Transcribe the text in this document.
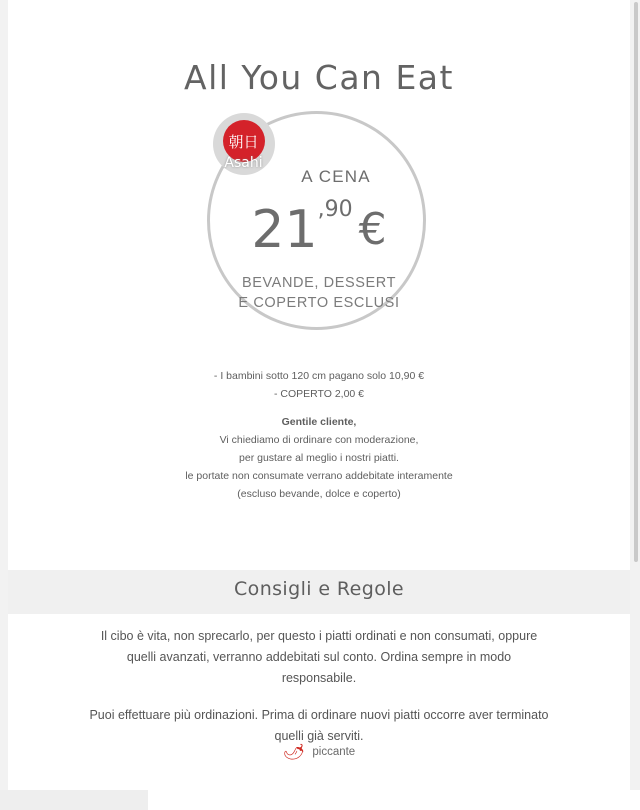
All You Can Eat
朝日
Asahi
A CENA
21,90 €
BEVANDE, DESSERT
E COPERTO ESCLUSI
- I bambini sotto 120 cm pagano solo 10,90 €
- COPERTO 2,00 €
Gentile cliente,
Vi chiediamo di ordinare con moderazione,
per gustare al meglio i nostri piatti.
le portate non consumate verrano addebitate interamente
(escluso bevande, dolce e coperto)
Consigli e Regole

Il cibo è vita, non sprecarlo, per questo i piatti ordinati e non consumati, oppure quelli avanzati, verranno addebitati sul conto. Ordina sempre in modo responsabile.

Puoi effettuare più ordinazioni. Prima di ordinare nuovi piatti occorre aver terminato quelli già serviti.

🌶 piccante
